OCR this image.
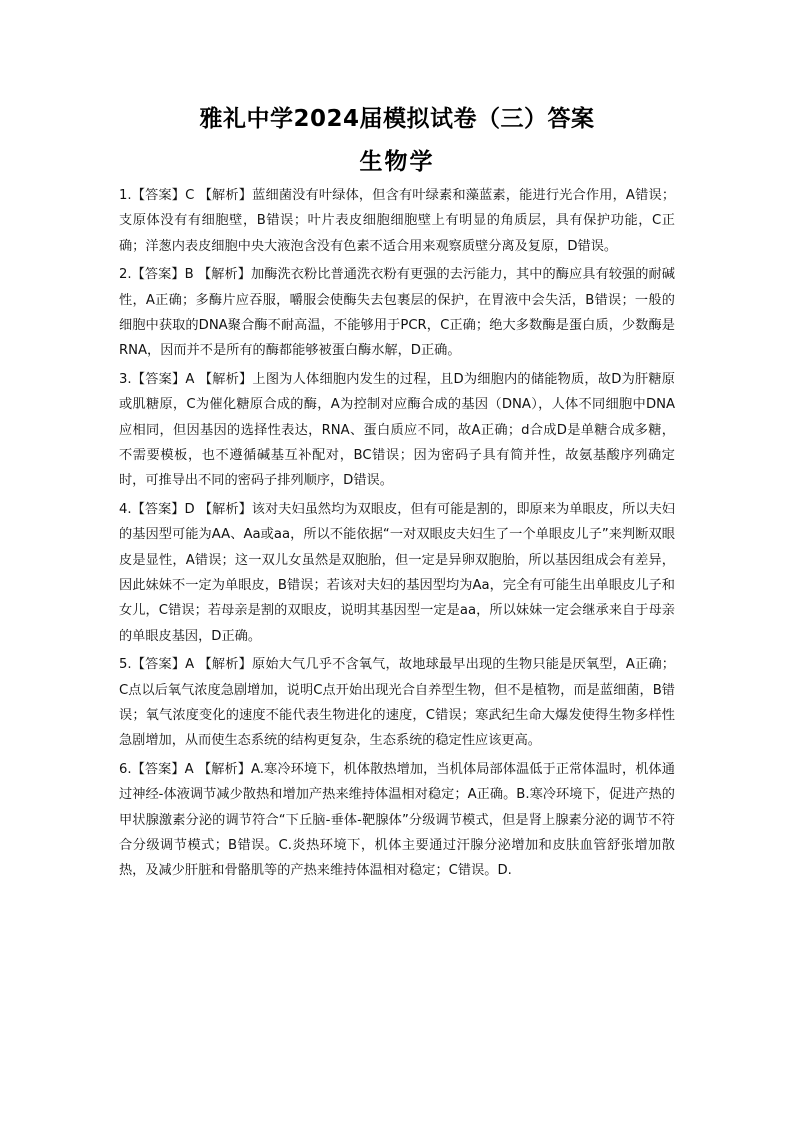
雅礼中学2024届模拟试卷（三）答案
生物学

1.【答案】C 【解析】蓝细菌没有叶绿体，但含有叶绿素和藻蓝素，能进行光合作用，A错误；支原体没有有细胞壁，B错误；叶片表皮细胞细胞壁上有明显的角质层，具有保护功能，C正确；洋葱内表皮细胞中央大液泡含没有色素不适合用来观察质壁分离及复原，D错误。

2.【答案】B 【解析】加酶洗衣粉比普通洗衣粉有更强的去污能力，其中的酶应具有较强的耐碱性，A正确；多酶片应吞服，嚼服会使酶失去包裹层的保护，在胃液中会失活，B错误；一般的细胞中获取的DNA聚合酶不耐高温，不能够用于PCR，C正确；绝大多数酶是蛋白质，少数酶是RNA，因而并不是所有的酶都能够被蛋白酶水解，D正确。

3.【答案】A 【解析】上图为人体细胞内发生的过程，且D为细胞内的储能物质，故D为肝糖原或肌糖原，C为催化糖原合成的酶，A为控制对应酶合成的基因（DNA），人体不同细胞中DNA应相同，但因基因的选择性表达，RNA、蛋白质应不同，故A正确；d合成D是单糖合成多糖，不需要模板，也不遵循碱基互补配对，BC错误；因为密码子具有简并性，故氨基酸序列确定时，可推导出不同的密码子排列顺序，D错误。

4.【答案】D 【解析】该对夫妇虽然均为双眼皮，但有可能是割的，即原来为单眼皮，所以夫妇的基因型可能为AA、Aa或aa，所以不能依据“一对双眼皮夫妇生了一个单眼皮儿子”来判断双眼皮是显性，A错误；这一双儿女虽然是双胞胎，但一定是异卵双胞胎，所以基因组成会有差异，因此妹妹不一定为单眼皮，B错误；若该对夫妇的基因型均为Aa，完全有可能生出单眼皮儿子和女儿，C错误；若母亲是割的双眼皮，说明其基因型一定是aa，所以妹妹一定会继承来自于母亲的单眼皮基因，D正确。

5.【答案】A 【解析】原始大气几乎不含氧气，故地球最早出现的生物只能是厌氧型，A正确；C点以后氧气浓度急剧增加，说明C点开始出现光合自养型生物，但不是植物，而是蓝细菌，B错误；氧气浓度变化的速度不能代表生物进化的速度，C错误；寒武纪生命大爆发使得生物多样性急剧增加，从而使生态系统的结构更复杂，生态系统的稳定性应该更高。

6.【答案】A 【解析】A.寒冷环境下，机体散热增加，当机体局部体温低于正常体温时，机体通过神经-体液调节减少散热和增加产热来维持体温相对稳定；A正确。B.寒冷环境下，促进产热的甲状腺激素分泌的调节符合“下丘脑-垂体-靶腺体”分级调节模式，但是肾上腺素分泌的调节不符合分级调节模式；B错误。C.炎热环境下，机体主要通过汗腺分泌增加和皮肤血管舒张增加散热，及减少肝脏和骨骼肌等的产热来维持体温相对稳定；C错误。D.
